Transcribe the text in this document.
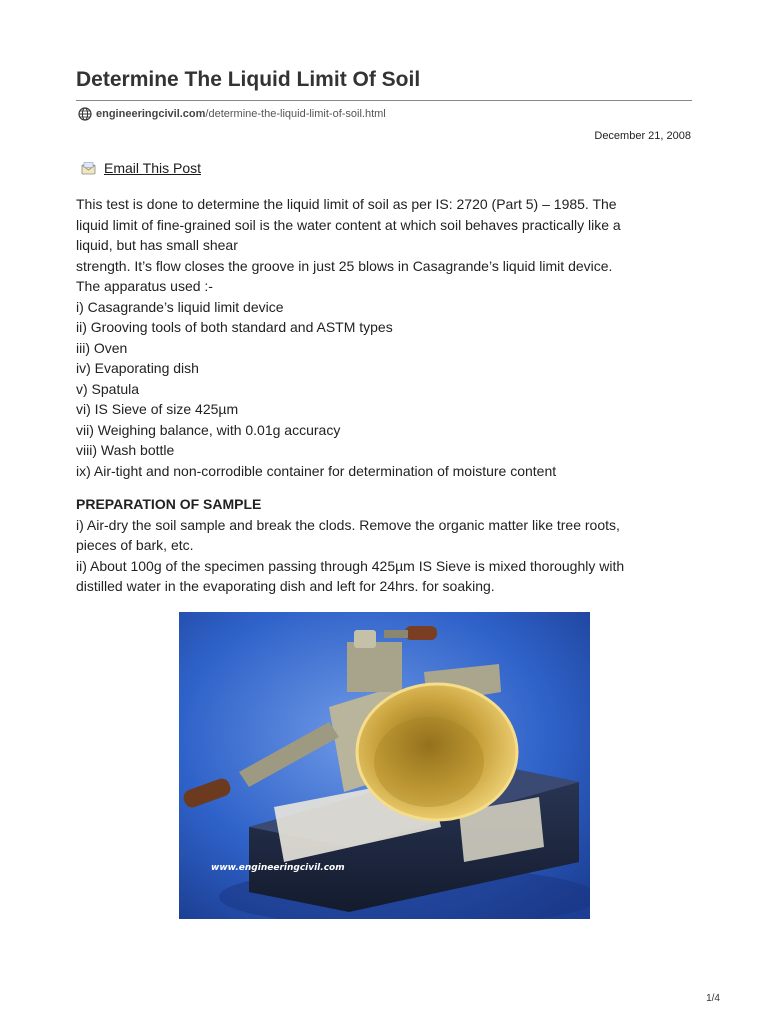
Determine The Liquid Limit Of Soil
engineeringcivil.com /determine-the-liquid-limit-of-soil.html
December 21, 2008
Email This Post

This test is done to determine the liquid limit of soil as per IS: 2720 (Part 5) – 1985. The

liquid limit of fine-grained soil is the water content at which soil behaves practically like a

liquid, but has small shear

strength. It’s flow closes the groove in just 25 blows in Casagrande’s liquid limit device.

The apparatus used :-

i) Casagrande’s liquid limit device

ii) Grooving tools of both standard and ASTM types

iii) Oven

iv) Evaporating dish

v) Spatula

vi) IS Sieve of size 425µm

vii) Weighing balance, with 0.01g accuracy

viii) Wash bottle

ix) Air-tight and non-corrodible container for determination of moisture content

PREPARATION OF SAMPLE

i) Air-dry the soil sample and break the clods. Remove the organic matter like tree roots,

pieces of bark, etc.

ii) About 100g of the specimen passing through 425µm IS Sieve is mixed thoroughly with

distilled water in the evaporating dish and left for 24hrs. for soaking.

www.engineeringcivil.com
1/4
